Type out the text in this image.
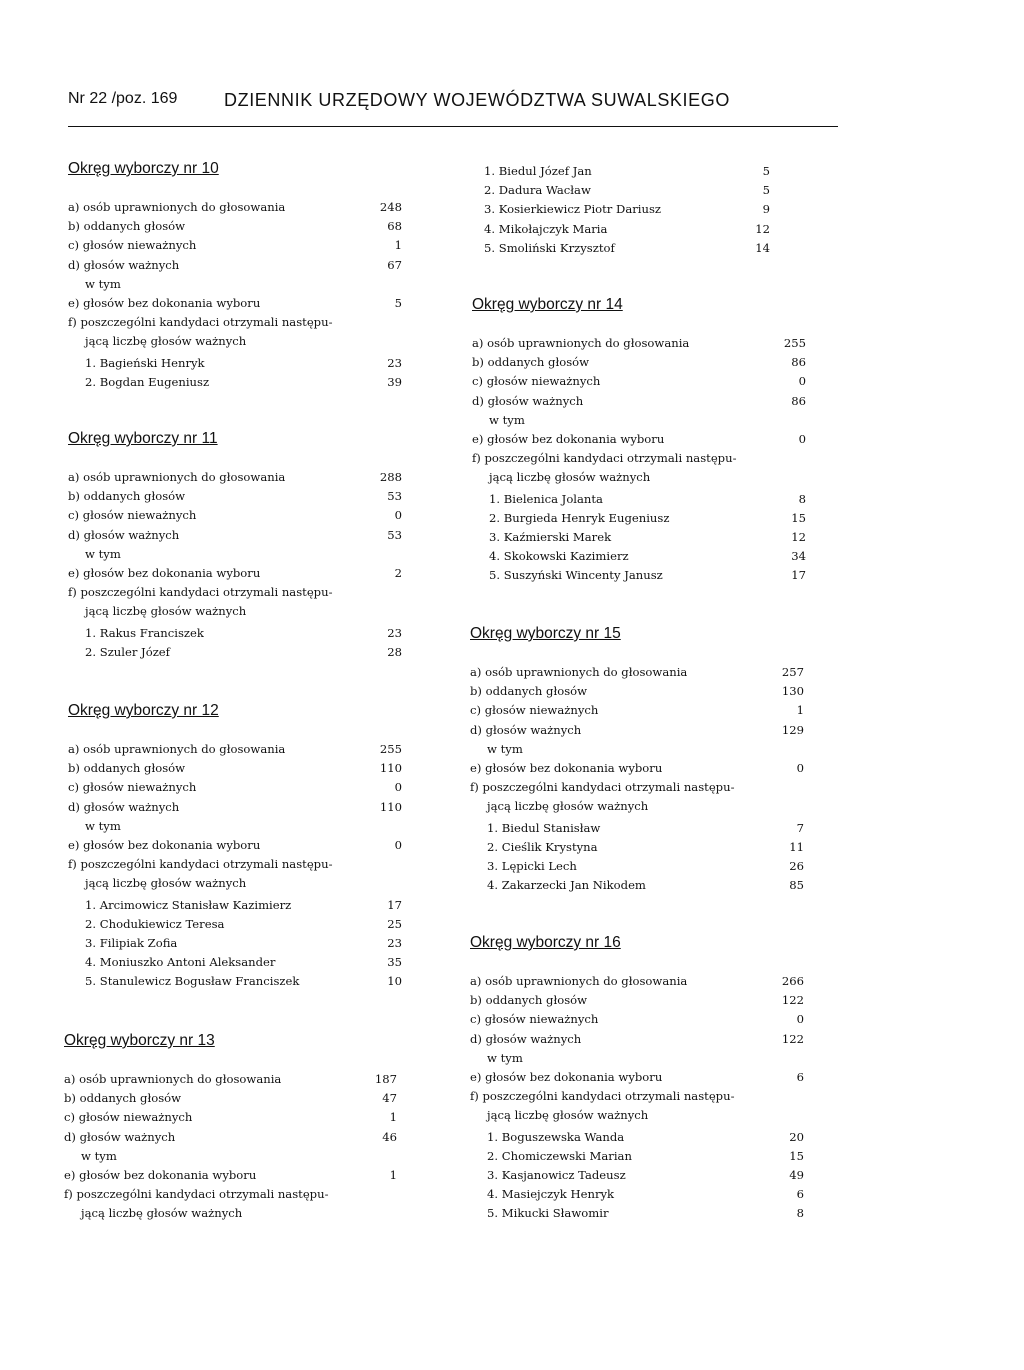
Nr 22 /poz. 169	DZIENNIK URZĘDOWY WOJEWÓDZTWA SUWALSKIEGO
Okręg wyborczy nr 10
a) osób uprawnionych do głosowania	248
b) oddanych głosów	68
c) głosów nieważnych	1
d) głosów ważnych	67
w tym
e) głosów bez dokonania wyboru	5
f) poszczególni kandydaci otrzymali następu-
jącą liczbę głosów ważnych
1. Bagieński Henryk	23
2. Bogdan Eugeniusz	39
Okręg wyborczy nr 11
a) osób uprawnionych do głosowania	288
b) oddanych głosów	53
c) głosów nieważnych	0
d) głosów ważnych	53
w tym
e) głosów bez dokonania wyboru	2
f) poszczególni kandydaci otrzymali następu-
jącą liczbę głosów ważnych
1. Rakus Franciszek	23
2. Szuler Józef	28
Okręg wyborczy nr 12
a) osób uprawnionych do głosowania	255
b) oddanych głosów	110
c) głosów nieważnych	0
d) głosów ważnych	110
w tym
e) głosów bez dokonania wyboru	0
f) poszczególni kandydaci otrzymali następu-
jącą liczbę głosów ważnych
1. Arcimowicz Stanisław Kazimierz	17
2. Chodukiewicz Teresa	25
3. Filipiak Zofia	23
4. Moniuszko Antoni Aleksander	35
5. Stanulewicz Bogusław Franciszek	10
Okręg wyborczy nr 13
a) osób uprawnionych do głosowania	187
b) oddanych głosów	47
c) głosów nieważnych	1
d) głosów ważnych	46
w tym
e) głosów bez dokonania wyboru	1
f) poszczególni kandydaci otrzymali następu-
jącą liczbę głosów ważnych
1. Biedul Józef Jan	5
2. Dadura Wacław	5
3. Kosierkiewicz Piotr Dariusz	9
4. Mikołajczyk Maria	12
5. Smoliński Krzysztof	14
Okręg wyborczy nr 14
a) osób uprawnionych do głosowania	255
b) oddanych głosów	86
c) głosów nieważnych	0
d) głosów ważnych	86
w tym
e) głosów bez dokonania wyboru	0
f) poszczególni kandydaci otrzymali następu-
jącą liczbę głosów ważnych
1. Bielenica Jolanta	8
2. Burgieda Henryk Eugeniusz	15
3. Kaźmierski Marek	12
4. Skokowski Kazimierz	34
5. Suszyński Wincenty Janusz	17
Okręg wyborczy nr 15
a) osób uprawnionych do głosowania	257
b) oddanych głosów	130
c) głosów nieważnych	1
d) głosów ważnych	129
w tym
e) głosów bez dokonania wyboru	0
f) poszczególni kandydaci otrzymali następu-
jącą liczbę głosów ważnych
1. Biedul Stanisław	7
2. Cieślik Krystyna	11
3. Lępicki Lech	26
4. Zakarzecki Jan Nikodem	85
Okręg wyborczy nr 16
a) osób uprawnionych do głosowania	266
b) oddanych głosów	122
c) głosów nieważnych	0
d) głosów ważnych	122
w tym
e) głosów bez dokonania wyboru	6
f) poszczególni kandydaci otrzymali następu-
jącą liczbę głosów ważnych
1. Boguszewska Wanda	20
2. Chomiczewski Marian	15
3. Kasjanowicz Tadeusz	49
4. Masiejczyk Henryk	6
5. Mikucki Sławomir	8
